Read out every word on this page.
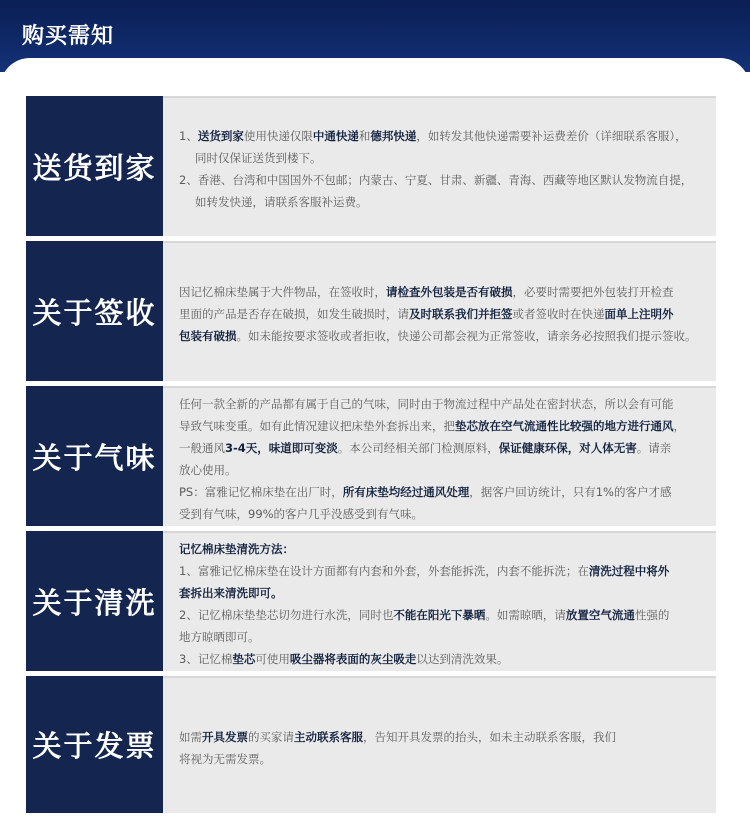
购买需知
送货到家

1、送货到家使用快递仅限中通快递和德邦快递，如转发其他快递需要补运费差价（详细联系客服），

同时仅保证送货到楼下。

2、香港、台湾和中国国外不包邮；内蒙古、宁夏、甘肃、新疆、青海、西藏等地区默认发物流自提，

如转发快递，请联系客服补运费。

关于签收

因记忆棉床垫属于大件物品，在签收时，请检查外包装是否有破损，必要时需要把外包装打开检查

里面的产品是否存在破损，如发生破损时，请及时联系我们并拒签或者签收时在快递面单上注明外

包装有破损。如未能按要求签收或者拒收，快递公司都会视为正常签收，请亲务必按照我们提示签收。

关于气味

任何一款全新的产品都有属于自己的气味，同时由于物流过程中产品处在密封状态，所以会有可能

导致气味变重。如有此情况建议把床垫外套拆出来，把垫芯放在空气流通性比较强的地方进行通风，

一般通风3-4天，味道即可变淡。本公司经相关部门检测原料，保证健康环保，对人体无害。请亲

放心使用。

PS：富雅记忆棉床垫在出厂时，所有床垫均经过通风处理，据客户回访统计，只有1%的客户才感

受到有气味，99%的客户几乎没感受到有气味。

关于清洗

记忆棉床垫清洗方法：

1、富雅记忆棉床垫在设计方面都有内套和外套，外套能拆洗，内套不能拆洗；在清洗过程中将外

套拆出来清洗即可。

2、记忆棉床垫垫芯切勿进行水洗，同时也不能在阳光下暴晒。如需晾晒，请放置空气流通性强的

地方晾晒即可。

3、记忆棉垫芯可使用吸尘器将表面的灰尘吸走以达到清洗效果。

关于发票	如需开具发票的买家请主动联系客服，告知开具发票的抬头，如未主动联系客服，我们

将视为无需发票。
